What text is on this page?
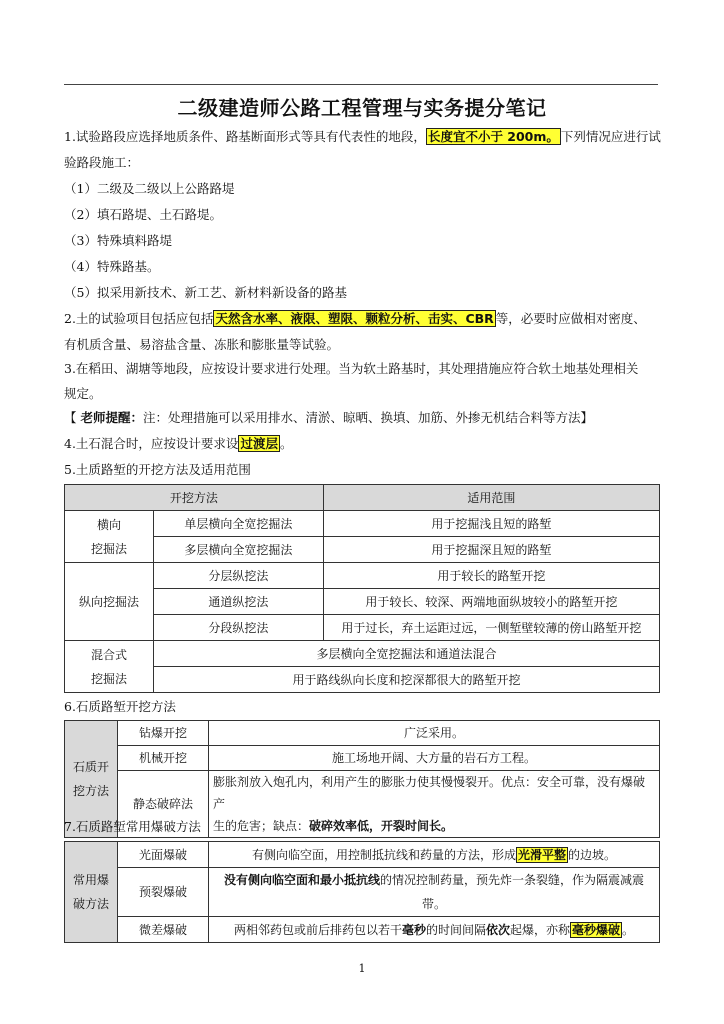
二级建造师公路工程管理与实务提分笔记
1.试验路段应选择地质条件、路基断面形式等具有代表性的地段， 长度宜不小于 200m。 下列情况应进行试
验路段施工：
（1）二级及二级以上公路路堤
（2）填石路堤、土石路堤。
（3）特殊填料路堤
（4）特殊路基。
（5）拟采用新技术、新工艺、新材料新设备的路基
2.土的试验项目包括应包括 天然含水率、液限、塑限、颗粒分析、击实、CBR 等，必要时应做相对密度、
有机质含量、易溶盐含量、冻胀和膨胀量等试验。
3.在稻田、湖塘等地段，应按设计要求进行处理。当为软土路基时，其处理措施应符合软土地基处理相关
规定。
【 老师提醒：注：处理措施可以采用排水、清淤、晾晒、换填、加筋、外掺无机结合料等方法】
4.土石混合时，应按设计要求设 过渡层 。
5.土质路堑的开挖方法及适用范围
开挖方法		适用范围
横向
挖掘法	单层横向全宽挖掘法	用于挖掘浅且短的路堑
	多层横向全宽挖掘法	用于挖掘深且短的路堑
纵向挖掘法	分层纵挖法	用于较长的路堑开挖
	通道纵挖法	用于较长、较深、两端地面纵坡较小的路堑开挖
	分段纵挖法	用于过长，弃土运距过远，一侧堑壁较薄的傍山路堑开挖
混合式
挖掘法	多层横向全宽挖掘法和通道法混合	
	用于路线纵向长度和挖深都很大的路堑开挖	
6.石质路堑开挖方法
石质开
挖方法	钻爆开挖	广泛采用。
	机械开挖	施工场地开阔、大方量的岩石方工程。
	静态破碎法	膨胀剂放入炮孔内，利用产生的膨胀力使其慢慢裂开。优点：安全可靠，没有爆破产
生的危害；缺点：破碎效率低，开裂时间长。
7.石质路堑常用爆破方法
常用爆
破方法	光面爆破	有侧向临空面，用控制抵抗线和药量的方法，形成 光滑平整 的边坡。
	预裂爆破	没有侧向临空面和最小抵抗线的情况控制药量，预先炸一条裂缝，作为隔震减震带。
	微差爆破	两相邻药包或前后排药包以若干毫秒的时间间隔依次起爆，亦称 毫秒爆破 。
1
